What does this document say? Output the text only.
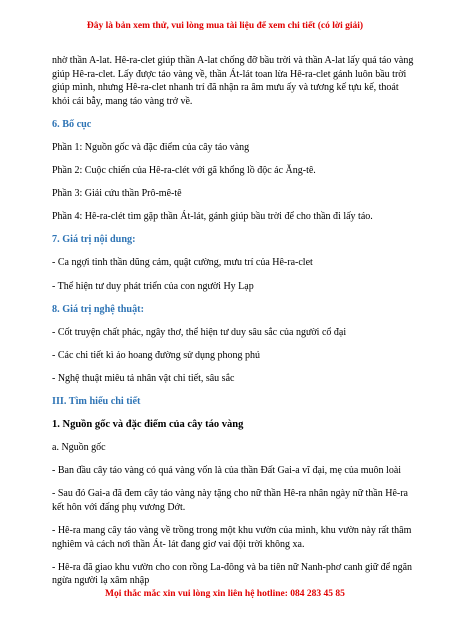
Đây là bản xem thử, vui lòng mua tài liệu để xem chi tiết (có lời giải)

nhờ thần A-lat. Hê-ra-clet giúp thần A-lat chống đỡ bầu trời và thần A-lat lấy quả táo vàng giúp Hê-ra-clet. Lấy được táo vàng về, thần Át-lát toan lừa Hê-ra-clet gánh luôn bầu trời giúp mình, nhưng Hê-ra-clet nhanh trí đã nhận ra âm mưu ấy và tương kế tựu kế, thoát khỏi cái bẫy, mang táo vàng trở về.

6. Bố cục

Phần 1: Nguồn gốc và đặc điểm của cây táo vàng

Phần 2: Cuộc chiến của Hê-ra-clét với gã khổng lồ độc ác Ăng-tê.

Phần 3: Giải cứu thần Prô-mê-tê

Phần 4: Hê-ra-clét tìm gặp thần Át-lát, gánh giúp bầu trời để cho thần đi lấy táo.

7. Giá trị nội dung:

- Ca ngợi tinh thần dũng cảm, quật cường, mưu trí của Hê-ra-clet

- Thể hiện tư duy phát triển của con người Hy Lạp

8. Giá trị nghệ thuật:

- Cốt truyện chất phác, ngây thơ, thể hiện tư duy sâu sắc của người cổ đại

- Các chi tiết kì ảo hoang đường sử dụng phong phú

- Nghệ thuật miêu tả nhân vật chi tiết, sâu sắc

III. Tìm hiểu chi tiết

1. Nguồn gốc và đặc điểm của cây táo vàng

a. Nguồn gốc

- Ban đầu cây táo vàng có quả vàng vốn là của thần Đất Gai-a vĩ đại, mẹ của muôn loài

- Sau đó Gai-a đã đem cây táo vàng này tặng cho nữ thần Hê-ra nhân ngày nữ thần Hê-ra kết hôn với đấng phụ vương Dớt.

- Hê-ra mang cây táo vàng về trồng trong một khu vườn của mình, khu vườn này rất thâm nghiêm và cách nơi thần Át- lát đang giơ vai đội trời không xa.

- Hê-ra đã giao khu vườn cho con rồng La-đông và ba tiên nữ Nanh-phơ canh giữ để ngăn ngừa người lạ xâm nhập

Mọi thắc mắc xin vui lòng xin liên hệ hotline: 084 283 45 85
